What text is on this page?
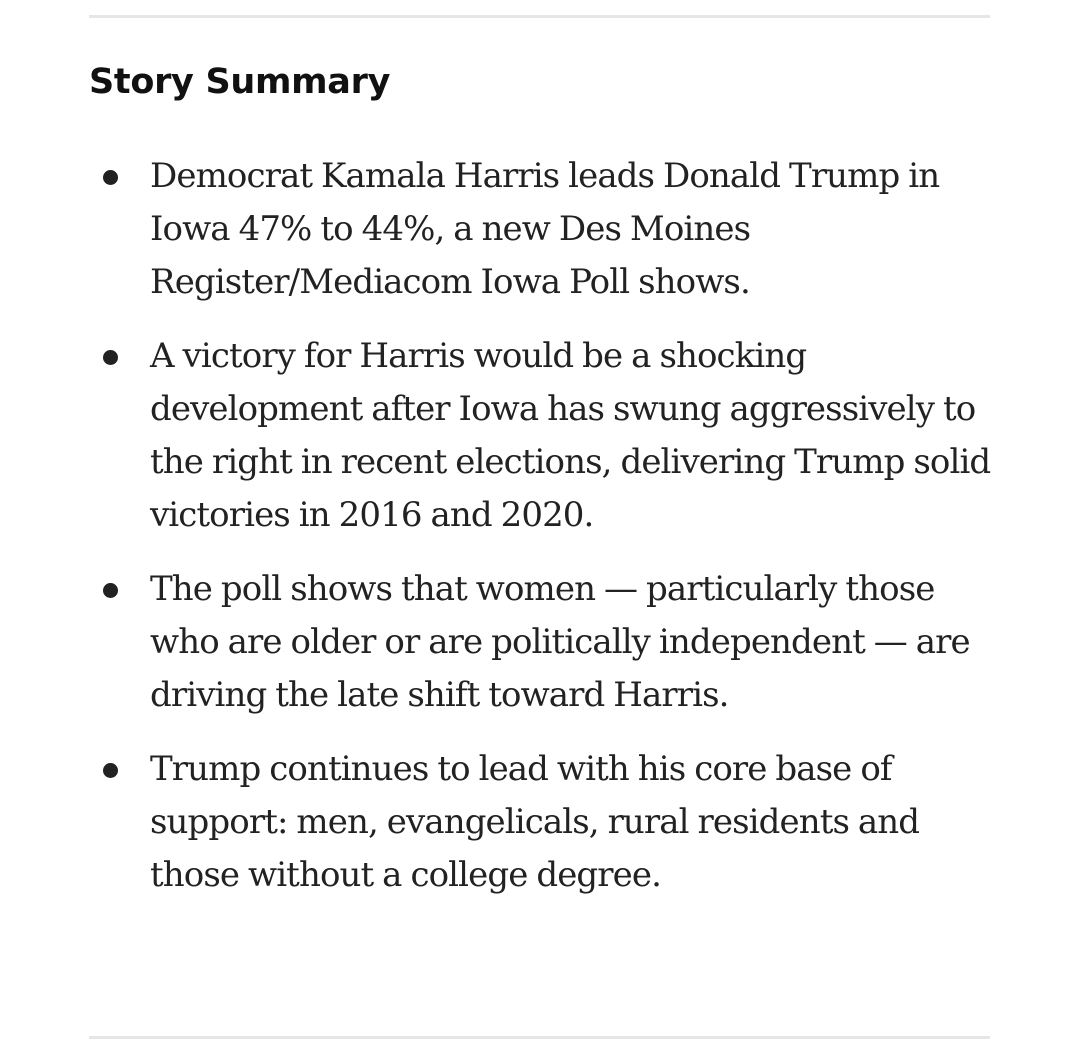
Story Summary
Democrat Kamala Harris leads Donald Trump in Iowa 47% to 44%, a new Des Moines Register/Mediacom Iowa Poll shows.
A victory for Harris would be a shocking development after Iowa has swung aggressively to the right in recent elections, delivering Trump solid victories in 2016 and 2020.
The poll shows that women — particularly those who are older or are politically independent — are driving the late shift toward Harris.
Trump continues to lead with his core base of support: men, evangelicals, rural residents and those without a college degree.
